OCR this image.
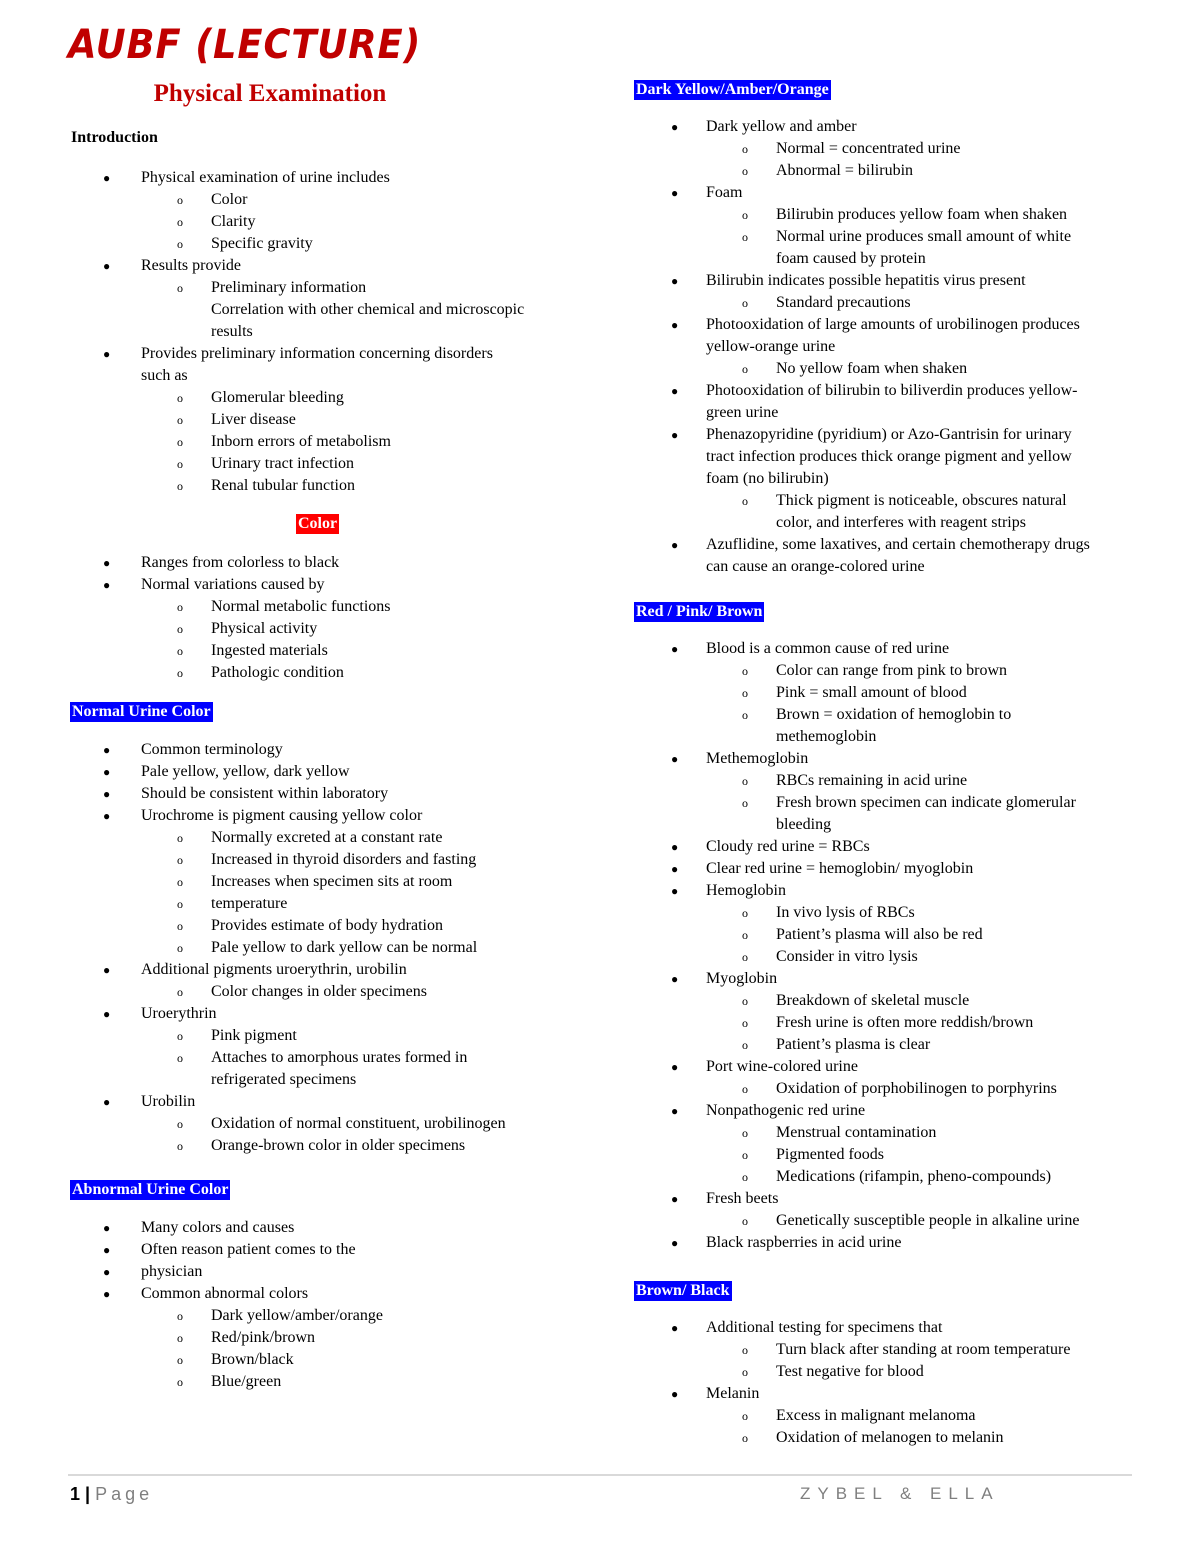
AUBF (LECTURE)
Physical Examination
Introduction
Physical examination of urine includes
●
Color
o
Clarity
o
Specific gravity
o
Results provide
●
Preliminary information
o
Correlation with other chemical and microscopic
results
Provides preliminary information concerning disorders
●
such as
Glomerular bleeding
o
Liver disease
o
Inborn errors of metabolism
o
Urinary tract infection
o
Renal tubular function
o
Ranges from colorless to black
●
Normal variations caused by
●
Normal metabolic functions
o
Physical activity
o
Ingested materials
o
Pathologic condition
o
Common terminology
●
Pale yellow, yellow, dark yellow
●
Should be consistent within laboratory
●
Urochrome is pigment causing yellow color
●
Normally excreted at a constant rate
o
Increased in thyroid disorders and fasting
o
Increases when specimen sits at room
o
temperature
o
Provides estimate of body hydration
o
Pale yellow to dark yellow can be normal
o
Additional pigments uroerythrin, urobilin
●
Color changes in older specimens
o
Uroerythrin
●
Pink pigment
o
Attaches to amorphous urates formed in
o
refrigerated specimens
Urobilin
●
Oxidation of normal constituent, urobilinogen
o
Orange-brown color in older specimens
o
Many colors and causes
●
Often reason patient comes to the
●
physician
●
Common abnormal colors
●
Dark yellow/amber/orange
o
Red/pink/brown
o
Brown/black
o
Blue/green
o
Dark yellow and amber
●
Normal = concentrated urine
o
Abnormal = bilirubin
o
Foam
●
Bilirubin produces yellow foam when shaken
o
Normal urine produces small amount of white
o
foam caused by protein
Bilirubin indicates possible hepatitis virus present
●
Standard precautions
o
Photooxidation of large amounts of urobilinogen produces
●
yellow-orange urine
No yellow foam when shaken
o
Photooxidation of bilirubin to biliverdin produces yellow-
●
green urine
Phenazopyridine (pyridium) or Azo-Gantrisin for urinary
●
tract infection produces thick orange pigment and yellow
foam (no bilirubin)
Thick pigment is noticeable, obscures natural
o
color, and interferes with reagent strips
Azuflidine, some laxatives, and certain chemotherapy drugs
●
can cause an orange-colored urine
Blood is a common cause of red urine
●
Color can range from pink to brown
o
Pink = small amount of blood
o
Brown = oxidation of hemoglobin to
o
methemoglobin
Methemoglobin
●
RBCs remaining in acid urine
o
Fresh brown specimen can indicate glomerular
o
bleeding
Cloudy red urine = RBCs
●
Clear red urine = hemoglobin/ myoglobin
●
Hemoglobin
●
In vivo lysis of RBCs
o
Patient’s plasma will also be red
o
Consider in vitro lysis
o
Myoglobin
●
Breakdown of skeletal muscle
o
Fresh urine is often more reddish/brown
o
Patient’s plasma is clear
o
Port wine-colored urine
●
Oxidation of porphobilinogen to porphyrins
o
Nonpathogenic red urine
●
Menstrual contamination
o
Pigmented foods
o
Medications (rifampin, pheno-compounds)
o
Fresh beets
●
Genetically susceptible people in alkaline urine
o
Black raspberries in acid urine
●
Additional testing for specimens that
●
Turn black after standing at room temperature
o
Test negative for blood
o
Melanin
●
Excess in malignant melanoma
o
Oxidation of melanogen to melanin
o
Color
Normal Urine Color
Abnormal Urine Color
Dark Yellow/Amber/Orange
Red / Pink/ Brown
Brown/ Black
1 | Page	ZYBEL & ELLA
